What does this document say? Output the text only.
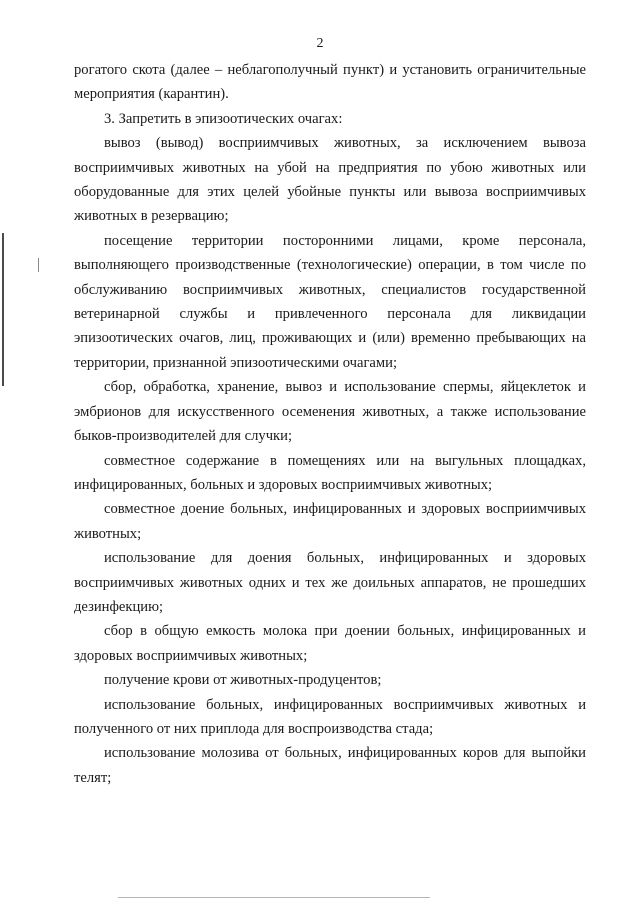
2

рогатого скота (далее – неблагополучный пункт) и установить ограничительные мероприятия (карантин).

3. Запретить в эпизоотических очагах:

вывоз (вывод) восприимчивых животных, за исключением вывоза восприимчивых животных на убой на предприятия по убою животных или оборудованные для этих целей убойные пункты или вывоза восприимчивых животных в резервацию;

посещение территории посторонними лицами, кроме персонала, выполняющего производственные (технологические) операции, в том числе по обслуживанию восприимчивых животных, специалистов государственной ветеринарной службы и привлеченного персонала для ликвидации эпизоотических очагов, лиц, проживающих и (или) временно пребывающих на территории, признанной эпизоотическими очагами;

сбор, обработка, хранение, вывоз и использование спермы, яйцеклеток и эмбрионов для искусственного осеменения животных, а также использование быков-производителей для случки;

совместное содержание в помещениях или на выгульных площадках, инфицированных, больных и здоровых восприимчивых животных;

совместное доение больных, инфицированных и здоровых восприимчивых животных;

использование для доения больных, инфицированных и здоровых восприимчивых животных одних и тех же доильных аппаратов, не прошедших дезинфекцию;

сбор в общую емкость молока при доении больных, инфицированных и здоровых восприимчивых животных;

получение крови от животных-продуцентов;

использование больных, инфицированных восприимчивых животных и полученного от них приплода для воспроизводства стада;

использование молозива от больных, инфицированных коров для выпойки телят;
